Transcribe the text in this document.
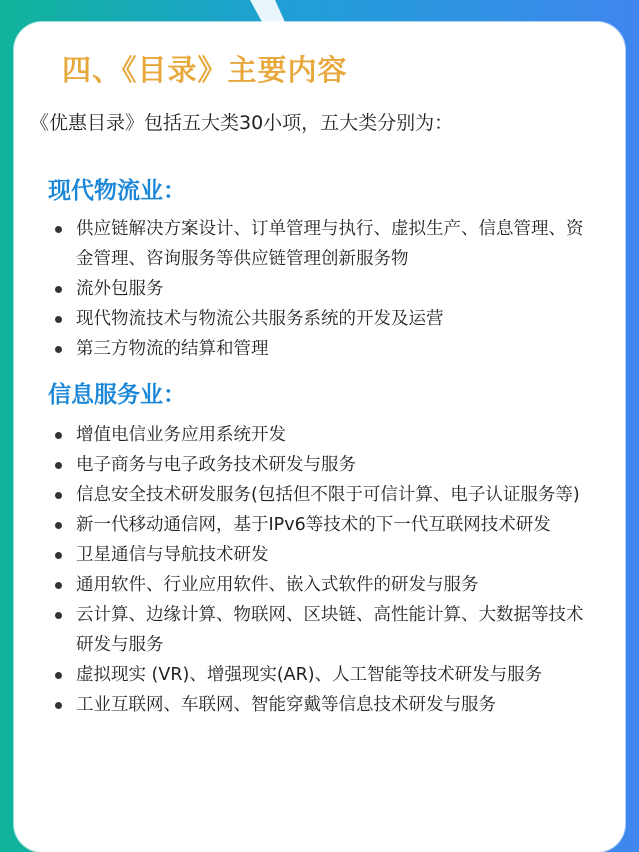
四、《目录》主要内容
《优惠目录》包括五大类30小项，五大类分别为：
现代物流业：
供应链解决方案设计、订单管理与执行、虚拟生产、信息管理、资金管理、咨询服务等供应链管理创新服务物
流外包服务
现代物流技术与物流公共服务系统的开发及运营
第三方物流的结算和管理
信息服务业：
增值电信业务应用系统开发
电子商务与电子政务技术研发与服务
信息安全技术研发服务(包括但不限于可信计算、电子认证服务等)
新一代移动通信网，基于IPv6等技术的下一代互联网技术研发
卫星通信与导航技术研发
通用软件、行业应用软件、嵌入式软件的研发与服务
云计算、边缘计算、物联网、区块链、高性能计算、大数据等技术研发与服务
虚拟现实 (VR)、增强现实(AR)、人工智能等技术研发与服务
工业互联网、车联网、智能穿戴等信息技术研发与服务
